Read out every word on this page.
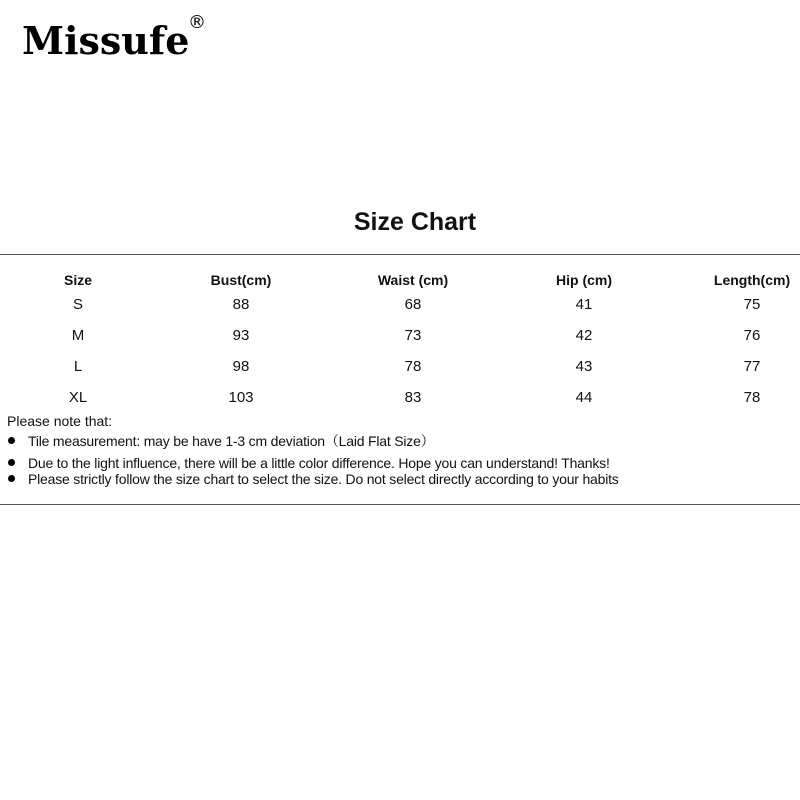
Missufe
®
Size Chart
Size	Bust(cm)	Waist (cm)	Hip (cm)	Length(cm)
S	88	68	41	75
M	93	73	42	76
L	98	78	43	77
XL	103	83	44	78
Please note that:
Tile measurement: may be have 1-3 cm deviation（Laid Flat Size）
Due to the light influence, there will be a little color difference. Hope you can understand! Thanks!
Please strictly follow the size chart to select the size. Do not select directly according to your habits
